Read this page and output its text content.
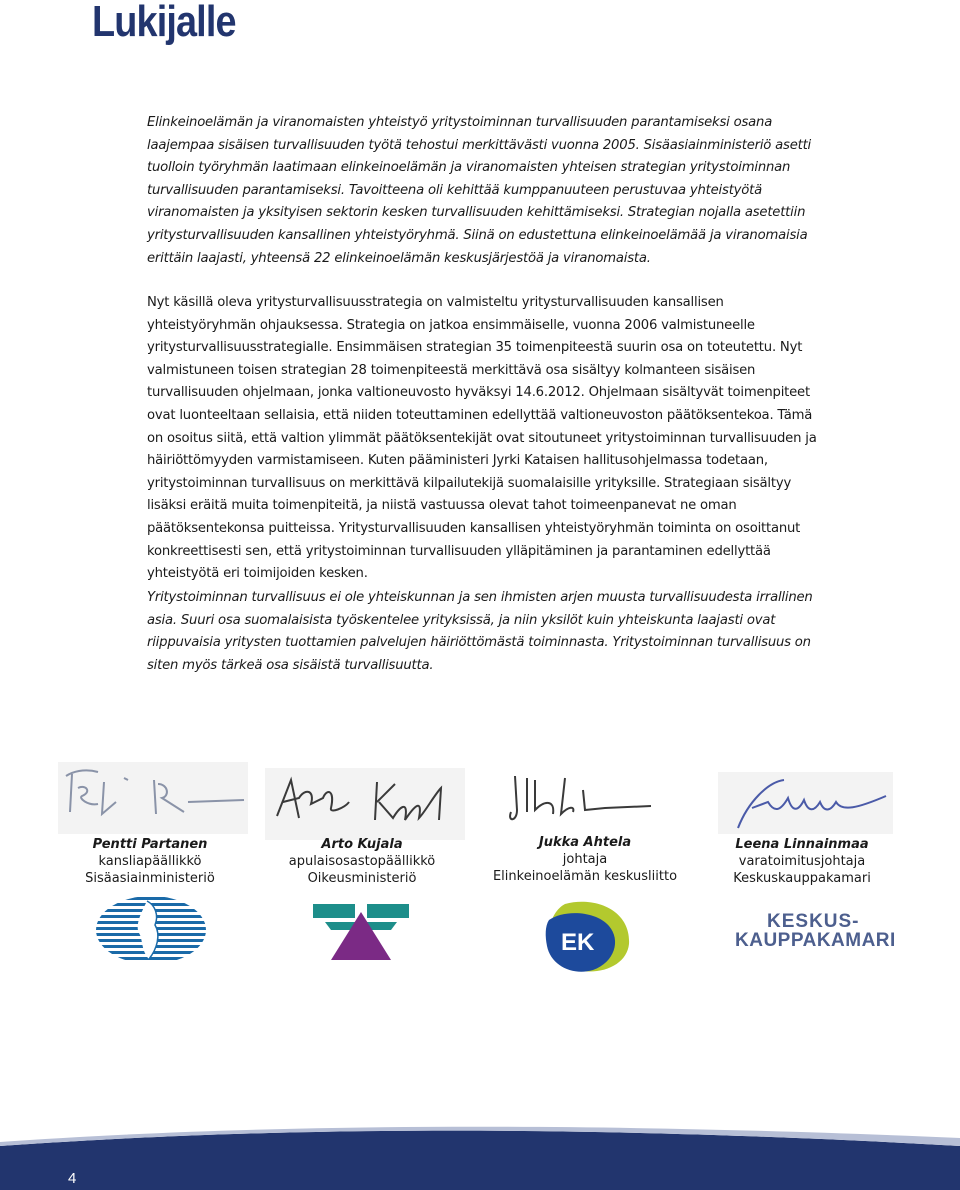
Lukijalle

Elinkeinoelämän ja viranomaisten yhteistyö yritystoiminnan turvallisuuden parantamiseksi osana laajempaa sisäisen turvallisuuden työtä tehostui merkittävästi vuonna 2005. Sisäasiainministeriö asetti tuolloin työryhmän laatimaan elinkeinoelämän ja viranomaisten yhteisen strategian yritystoiminnan turvallisuuden parantamiseksi. Tavoitteena oli kehittää kumppanuuteen perustuvaa yhteistyötä viranomaisten ja yksityisen sektorin kesken turvallisuuden kehittämiseksi. Strategian nojalla asetettiin yritysturvallisuuden kansallinen yhteistyöryhmä. Siinä on edustettuna elinkeinoelämää ja viranomaisia erittäin laajasti, yhteensä 22 elinkeinoelämän keskusjärjestöä ja viranomaista.

Nyt käsillä oleva yritysturvallisuusstrategia on valmisteltu yritysturvallisuuden kansallisen yhteistyöryhmän ohjauksessa. Strategia on jatkoa ensimmäiselle, vuonna 2006 valmistuneelle yritysturvallisuusstrategialle. Ensimmäisen strategian 35 toimenpiteestä suurin osa on toteutettu. Nyt valmistuneen toisen strategian 28 toimenpiteestä merkittävä osa sisältyy kolmanteen sisäisen turvallisuuden ohjelmaan, jonka valtioneuvosto hyväksyi 14.6.2012. Ohjelmaan sisältyvät toimenpiteet ovat luonteeltaan sellaisia, että niiden toteuttaminen edellyttää valtioneuvoston päätöksentekoa. Tämä on osoitus siitä, että valtion ylimmät päätöksentekijät ovat sitoutuneet yritystoiminnan turvallisuuden ja häiriöttömyyden varmistamiseen. Kuten pääministeri Jyrki Kataisen hallitusohjelmassa todetaan, yritystoiminnan turvallisuus on merkittävä kilpailutekijä suomalaisille yrityksille. Strategiaan sisältyy lisäksi eräitä muita toimenpiteitä, ja niistä vastuussa olevat tahot toimeenpanevat ne oman päätöksentekonsa puitteissa. Yritysturvallisuuden kansallisen yhteistyöryhmän toiminta on osoittanut konkreettisesti sen, että yritystoiminnan turvallisuuden ylläpitäminen ja parantaminen edellyttää yhteistyötä eri toimijoiden kesken.

Yritystoiminnan turvallisuus ei ole yhteiskunnan ja sen ihmisten arjen muusta turvallisuudesta irrallinen asia. Suuri osa suomalaisista työskentelee yrityksissä, ja niin yksilöt kuin yhteiskunta laajasti ovat riippuvaisia yritysten tuottamien palvelujen häiriöttömästä toiminnasta. Yritystoiminnan turvallisuus on siten myös tärkeä osa sisäistä turvallisuutta.

Pentti Partanen
kansliapäällikkö
Sisäasiainministeriö
Arto Kujala
apulaisosastopäällikkö
Oikeusministeriö
Jukka Ahtela
johtaja
Elinkeinoelämän keskusliitto
Leena Linnainmaa
varatoimitusjohtaja
Keskuskauppakamari
EK
KESKUS-
KAUPPAKAMARI
4
